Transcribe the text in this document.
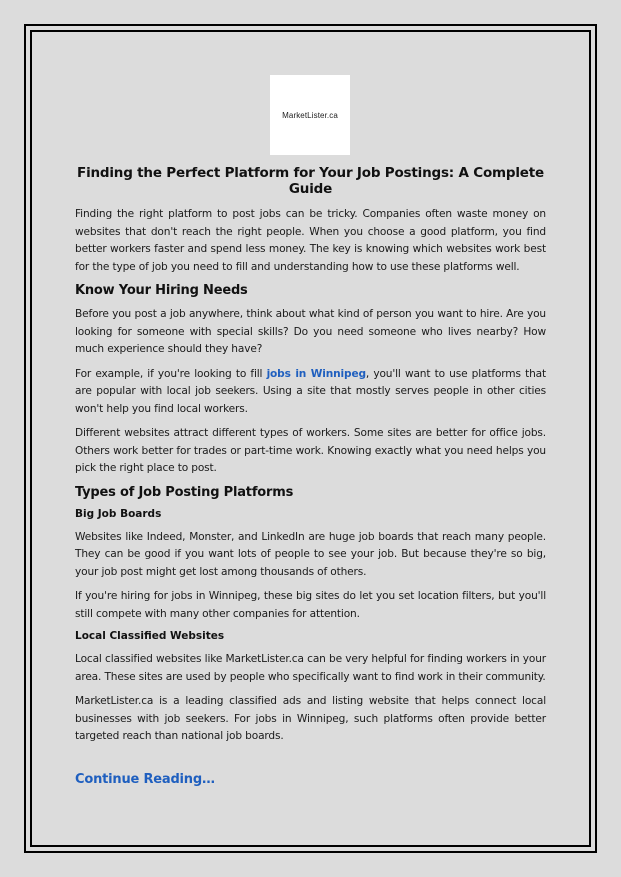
MarketLister.ca
Finding the Perfect Platform for Your Job Postings: A Complete Guide

Finding the right platform to post jobs can be tricky. Companies often waste money on websites that don't reach the right people. When you choose a good platform, you find better workers faster and spend less money. The key is knowing which websites work best for the type of job you need to fill and understanding how to use these platforms well.

Know Your Hiring Needs

Before you post a job anywhere, think about what kind of person you want to hire. Are you looking for someone with special skills? Do you need someone who lives nearby? How much experience should they have?

For example, if you're looking to fill jobs in Winnipeg, you'll want to use platforms that are popular with local job seekers. Using a site that mostly serves people in other cities won't help you find local workers.

Different websites attract different types of workers. Some sites are better for office jobs. Others work better for trades or part-time work. Knowing exactly what you need helps you pick the right place to post.

Types of Job Posting Platforms
Big Job Boards

Websites like Indeed, Monster, and LinkedIn are huge job boards that reach many people. They can be good if you want lots of people to see your job. But because they're so big, your job post might get lost among thousands of others.

If you're hiring for jobs in Winnipeg, these big sites do let you set location filters, but you'll still compete with many other companies for attention.

Local Classified Websites

Local classified websites like MarketLister.ca can be very helpful for finding workers in your area. These sites are used by people who specifically want to find work in their community.

MarketLister.ca is a leading classified ads and listing website that helps connect local businesses with job seekers. For jobs in Winnipeg, such platforms often provide better targeted reach than national job boards.

Continue Reading…
